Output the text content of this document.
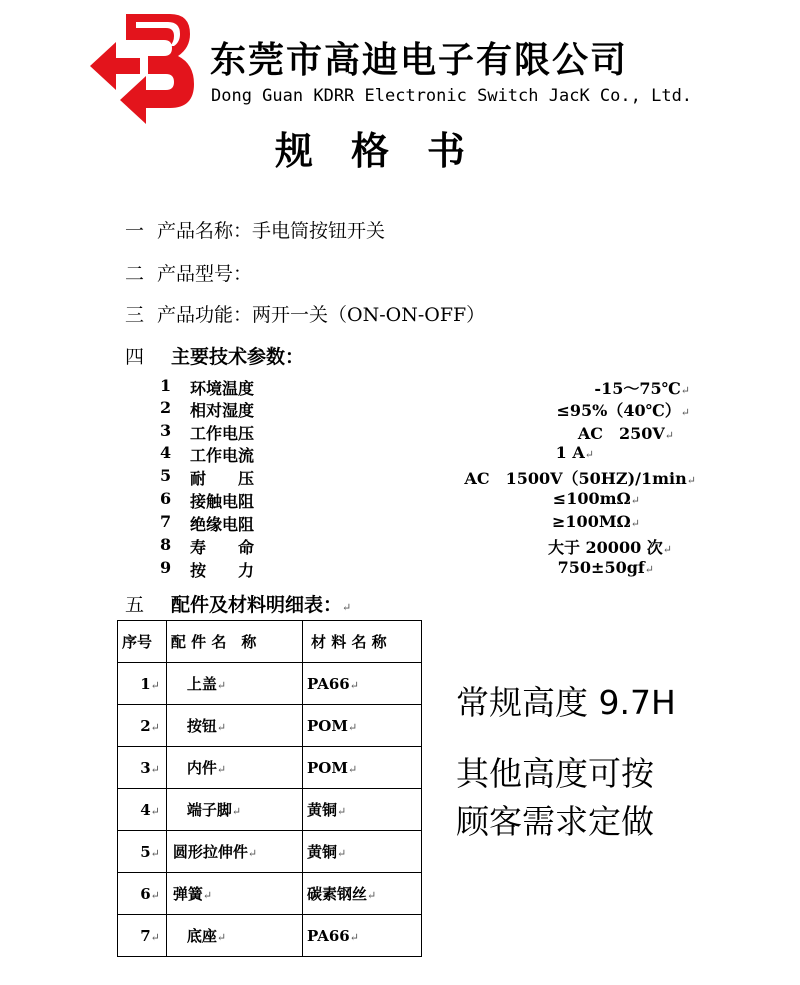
东莞市高迪电子有限公司
Dong Guan KDRR Electronic Switch JacK Co., Ltd.
规　格　书
一 产品名称：手电筒按钮开关
二 产品型号：
三 产品功能：两开一关（ON-ON-OFF）
四 主要技术参数：
1 环境温度	-15～75℃↵
2 相对湿度	≤95%（40℃）↵
3 工作电压	AC　250V↵
4 工作电流	1 A↵
5 耐　　压	AC　1500V（50HZ)/1min↵
6 接触电阻	≤100mΩ↵
7 绝缘电阻	≥100MΩ↵
8 寿　　命	大于 20000 次↵
9 按　　力	750±50gf↵
五 配件及材料明细表：↵
序号	配 件 名　称	材 料 名 称
1↵	上盖↵	PA66↵
2↵	按钮↵	POM↵
3↵	内件↵	POM↵
4↵	端子脚↵	黄铜↵
5↵	圆形拉伸件↵	黄铜↵
6↵	弹簧↵	碳素钢丝↵
7↵	底座↵	PA66↵
常规高度 9.7H
其他高度可按
顾客需求定做
